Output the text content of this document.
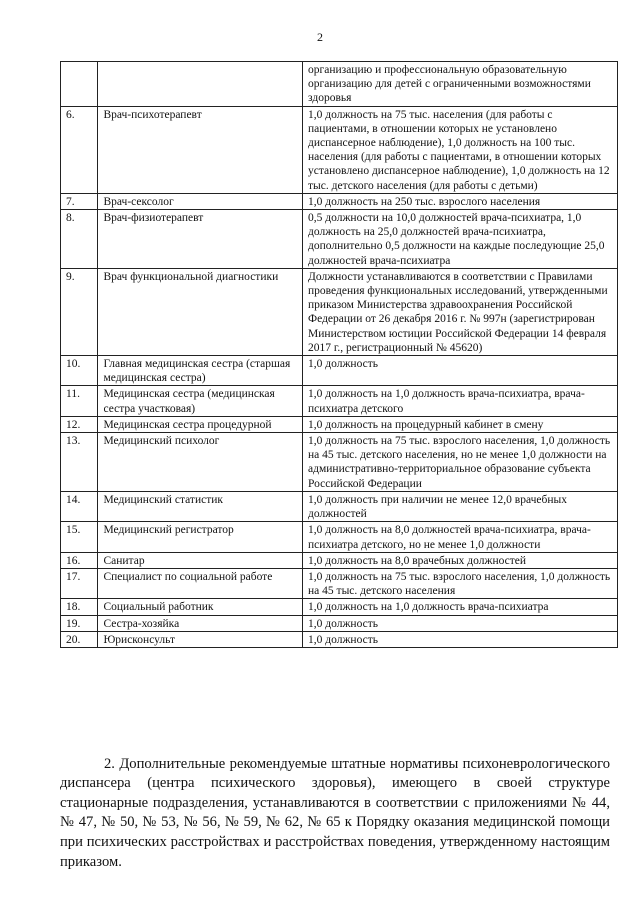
2
		организацию и профессиональную образовательную организацию для детей с ограниченными возможностями здоровья
6.	Врач-психотерапевт	1,0 должность на 75 тыс. населения (для работы с пациентами, в отношении которых не установлено диспансерное наблюдение), 1,0 должность на 100 тыс. населения (для работы с пациентами, в отношении которых установлено диспансерное наблюдение), 1,0 должность на 12 тыс. детского населения (для работы с детьми)
7.	Врач-сексолог	1,0 должность на 250 тыс. взрослого населения
8.	Врач-физиотерапевт	0,5 должности на 10,0 должностей врача-психиатра, 1,0 должность на 25,0 должностей врача-психиатра, дополнительно 0,5 должности на каждые последующие 25,0 должностей врача-психиатра
9.	Врач функциональной диагностики	Должности устанавливаются в соответствии с Правилами проведения функциональных исследований, утвержденными приказом Министерства здравоохранения Российской Федерации от 26 декабря 2016 г. № 997н (зарегистрирован Министерством юстиции Российской Федерации 14 февраля 2017 г., регистрационный № 45620)
10.	Главная медицинская сестра (старшая медицинская сестра)	1,0 должность
11.	Медицинская сестра (медицинская сестра участковая)	1,0 должность на 1,0 должность врача-психиатра, врача-психиатра детского
12.	Медицинская сестра процедурной	1,0 должность на процедурный кабинет в смену
13.	Медицинский психолог	1,0 должность на 75 тыс. взрослого населения, 1,0 должность на 45 тыс. детского населения, но не менее 1,0 должности на административно-территориальное образование субъекта Российской Федерации
14.	Медицинский статистик	1,0 должность при наличии не менее 12,0 врачебных должностей
15.	Медицинский регистратор	1,0 должность на 8,0 должностей врача-психиатра, врача-психиатра детского, но не менее 1,0 должности
16.	Санитар	1,0 должность на 8,0 врачебных должностей
17.	Специалист по социальной работе	1,0 должность на 75 тыс. взрослого населения, 1,0 должность на 45 тыс. детского населения
18.	Социальный работник	1,0 должность на 1,0 должность врача-психиатра
19.	Сестра-хозяйка	1,0 должность
20.	Юрисконсульт	1,0 должность

2. Дополнительные рекомендуемые штатные нормативы психоневрологического диспансера (центра психического здоровья), имеющего в своей структуре стационарные подразделения, устанавливаются в соответствии с приложениями № 44, № 47, № 50, № 53, № 56, № 59, № 62, № 65 к Порядку оказания медицинской помощи при психических расстройствах и расстройствах поведения, утвержденному настоящим приказом.
